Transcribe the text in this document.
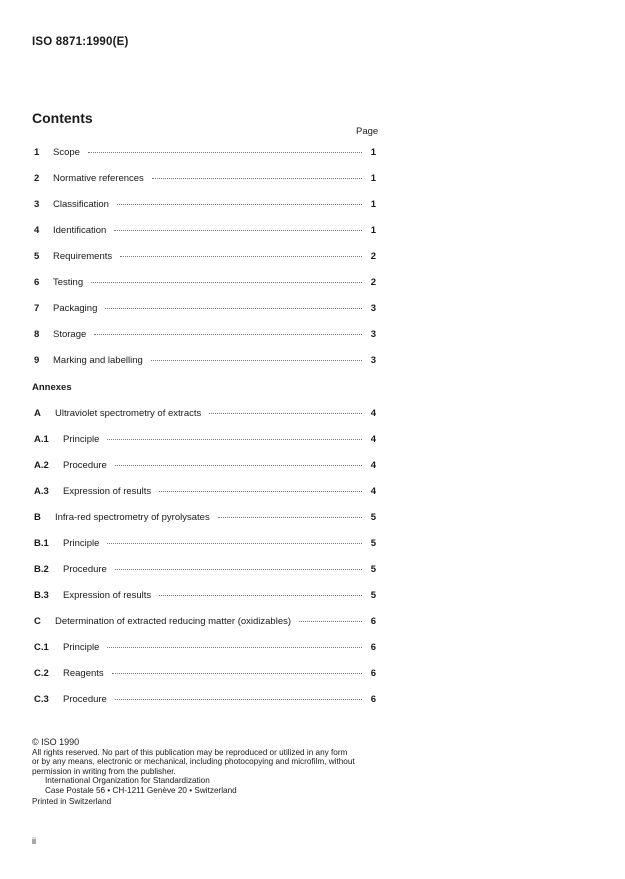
ISO 8871:1990(E)
Contents
Page
1	Scope	1
2	Normative references	1
3	Classification	1
4	Identification	1
5	Requirements	2
6	Testing	2
7	Packaging	3
8	Storage	3
9	Marking and labelling	3
Annexes
A	Ultraviolet spectrometry of extracts	4
A.1	Principle	4
A.2	Procedure	4
A.3	Expression of results	4
B	Infra-red spectrometry of pyrolysates	5
B.1	Principle	5
B.2	Procedure	5
B.3	Expression of results	5
C	Determination of extracted reducing matter (oxidizables)	6
C.1	Principle	6
C.2	Reagents	6
C.3	Procedure	6
© ISO 1990
All rights reserved. No part of this publication may be reproduced or utilized in any form
or by any means, electronic or mechanical, including photocopying and microfilm, without
permission in writing from the publisher.
International Organization for Standardization
Case Postale 56 • CH-1211 Genève 20 • Switzerland
Printed in Switzerland
ii
